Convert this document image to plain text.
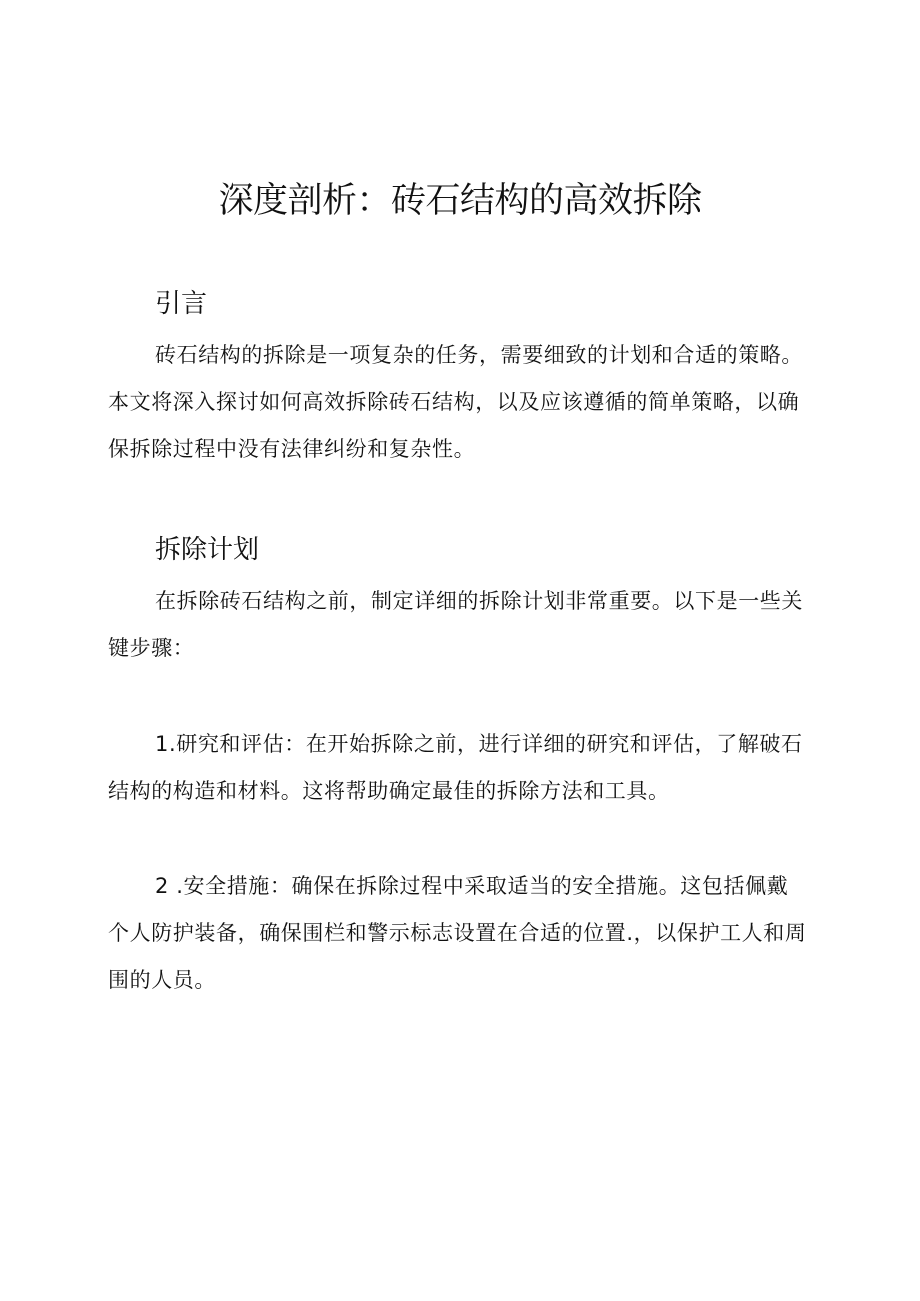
深度剖析：砖石结构的高效拆除
引言

砖石结构的拆除是一项复杂的任务，需要细致的计划和合适的策略。本文将深入探讨如何高效拆除砖石结构，以及应该遵循的简单策略，以确保拆除过程中没有法律纠纷和复杂性。

拆除计划

在拆除砖石结构之前，制定详细的拆除计划非常重要。以下是一些关键步骤：

1.研究和评估：在开始拆除之前，进行详细的研究和评估，了解破石结构的构造和材料。这将帮助确定最佳的拆除方法和工具。

2 .安全措施：确保在拆除过程中采取适当的安全措施。这包括佩戴个人防护装备，确保围栏和警示标志设置在合适的位置.，以保护工人和周围的人员。
